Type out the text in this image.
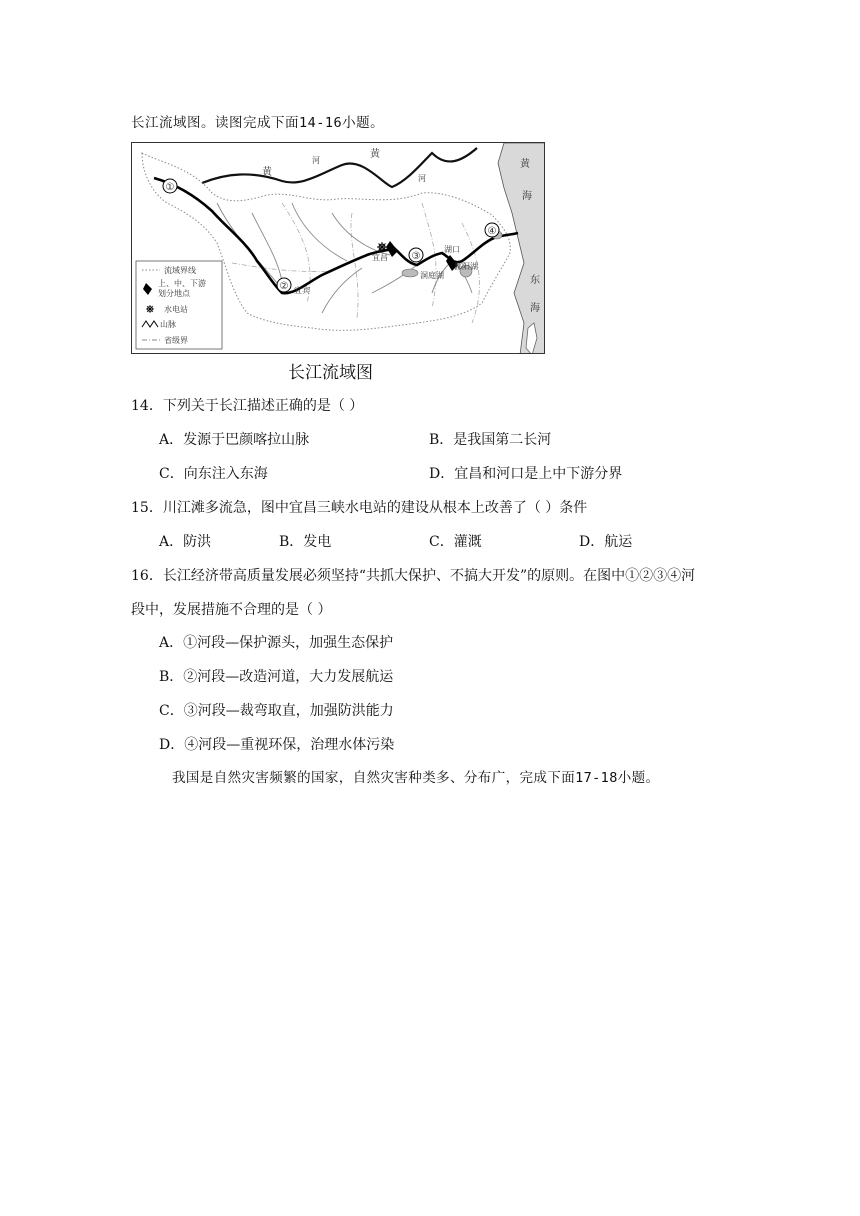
长江流域图。读图完成下面14-16小题。
①
②
③
④
黄
河
黄
河
黄
海
东
海
宜昌
湖口
洞庭湖
鄱阳湖
宜宾
流域界线
上、中、下游
划分地点
水电站
山脉
省级界
长江流域图
14．下列关于长江描述正确的是（ ）
A．发源于巴颜喀拉山脉	B．是我国第二长河
C．向东注入东海	D．宜昌和河口是上中下游分界
15．川江滩多流急，图中宜昌三峡水电站的建设从根本上改善了（ ）条件
A．防洪	B．发电	C．灌溉	D．航运
16．长江经济带高质量发展必须坚持“共抓大保护、不搞大开发”的原则。在图中①②③④河
段中，发展措施不合理的是（ ）
A．①河段—保护源头，加强生态保护
B．②河段—改造河道，大力发展航运
C．③河段—裁弯取直，加强防洪能力
D．④河段—重视环保，治理水体污染
我国是自然灾害频繁的国家，自然灾害种类多、分布广，完成下面17-18小题。
